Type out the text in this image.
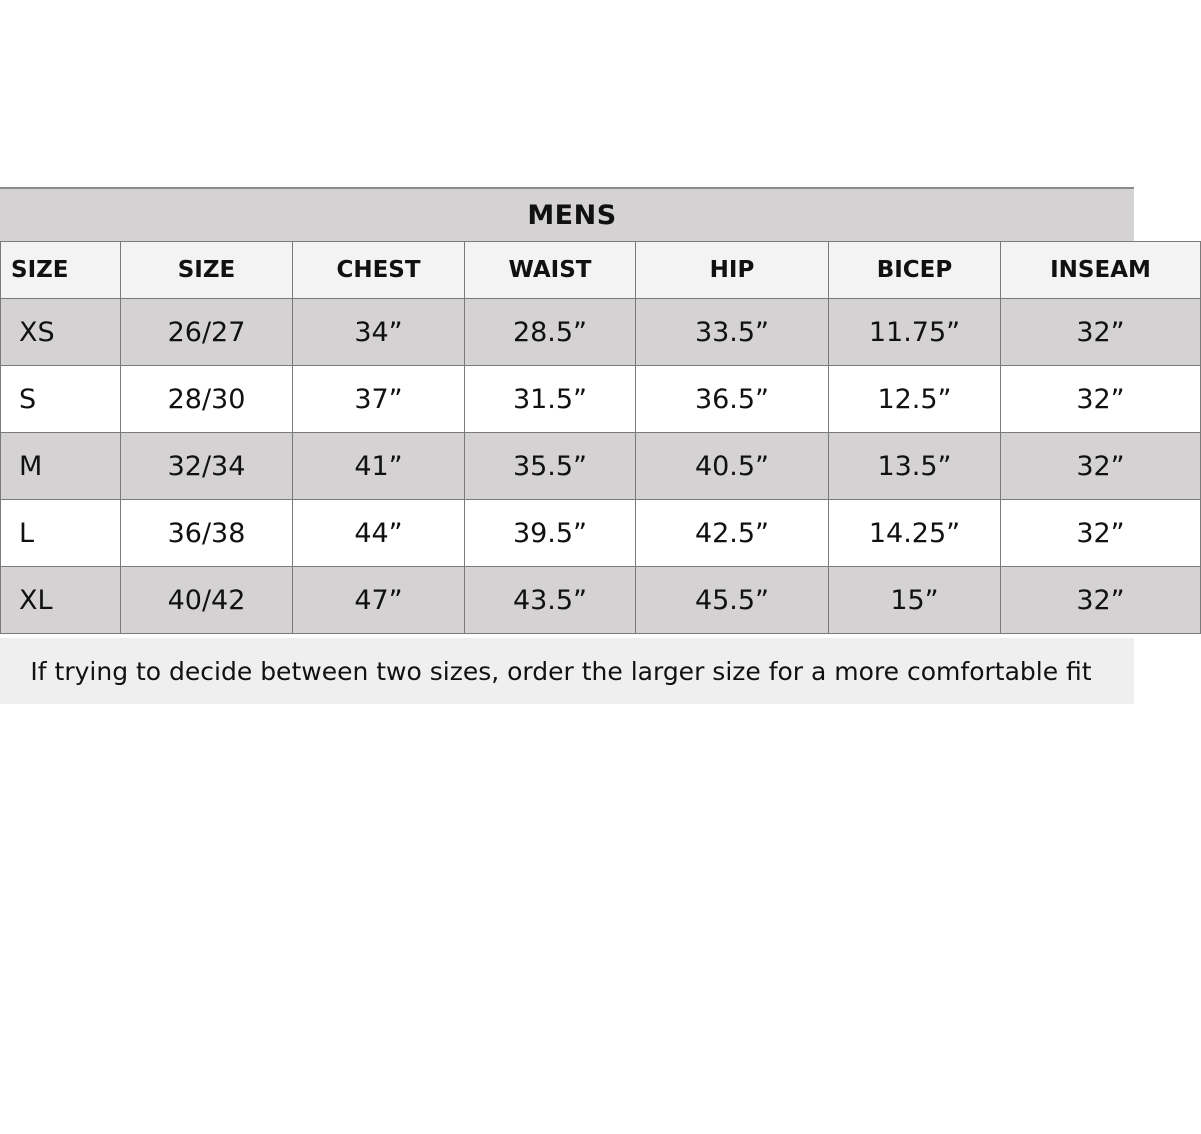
MENS
SIZE	SIZE	CHEST	WAIST	HIP	BICEP	INSEAM
XS	26/27	34”	28.5”	33.5”	11.75”	32”
S	28/30	37”	31.5”	36.5”	12.5”	32”
M	32/34	41”	35.5”	40.5”	13.5”	32”
L	36/38	44”	39.5”	42.5”	14.25”	32”
XL	40/42	47”	43.5”	45.5”	15”	32”
If trying to decide between two sizes, order the larger size for a more comfortable fit
